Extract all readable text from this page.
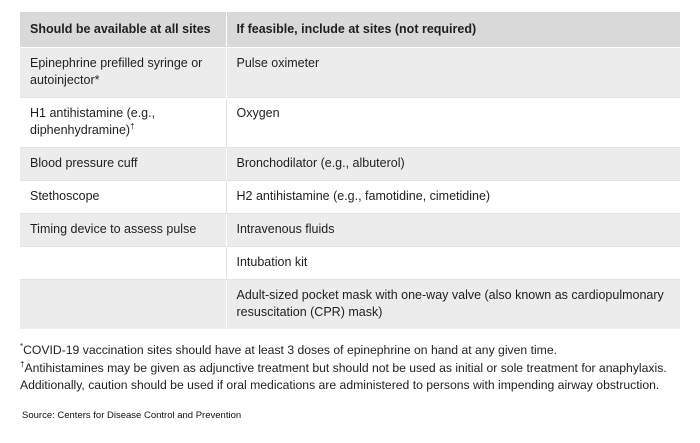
Should be available at all sites	If feasible, include at sites (not required)
Epinephrine prefilled syringe or autoinjector*	Pulse oximeter
H1 antihistamine (e.g., diphenhydramine)†	Oxygen
Blood pressure cuff	Bronchodilator (e.g., albuterol)
Stethoscope	H2 antihistamine (e.g., famotidine, cimetidine)
Timing device to assess pulse	Intravenous fluids
	Intubation kit
	Adult-sized pocket mask with one-way valve (also known as cardiopulmonary resuscitation (CPR) mask)

*COVID-19 vaccination sites should have at least 3 doses of epinephrine on hand at any given time.

†Antihistamines may be given as adjunctive treatment but should not be used as initial or sole treatment for anaphylaxis. Additionally, caution should be used if oral medications are administered to persons with impending airway obstruction.

Source: Centers for Disease Control and Prevention
